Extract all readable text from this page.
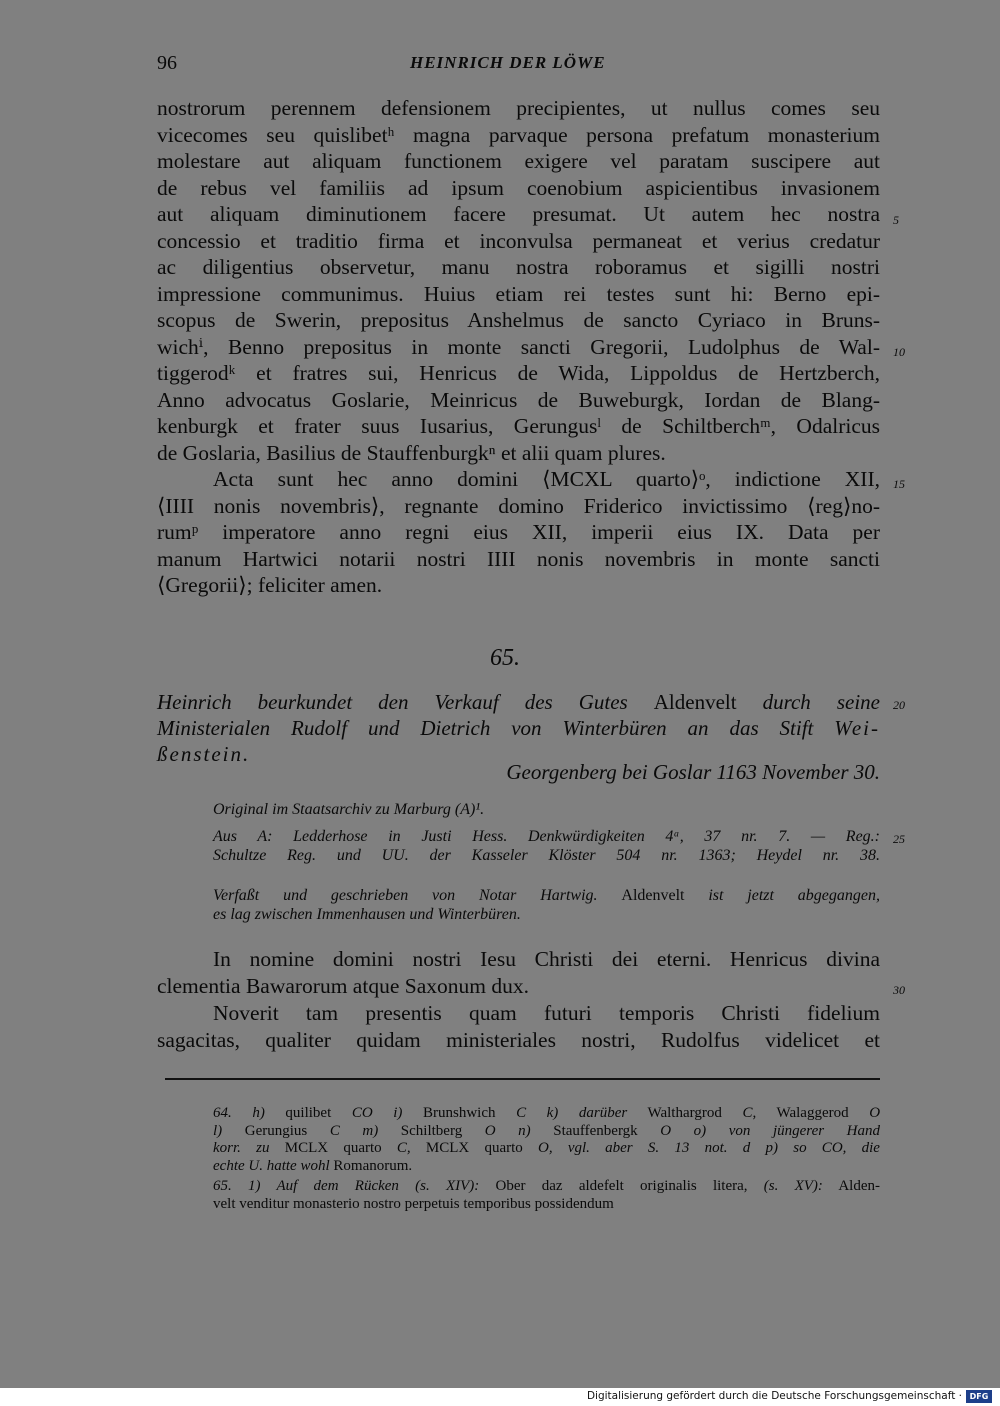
96	HEINRICH DER LÖWE
nostrorum perennem defensionem precipientes, ut nullus comes seu
vicecomes seu quislibetʰ magna parvaque persona prefatum monasterium
molestare aut aliquam functionem exigere vel paratam suscipere aut
de rebus vel familiis ad ipsum coenobium aspicientibus invasionem
aut aliquam diminutionem facere presumat. Ut autem hec nostra
concessio et traditio firma et inconvulsa permaneat et verius credatur
ac diligentius observetur, manu nostra roboramus et sigilli nostri
impressione communimus. Huius etiam rei testes sunt hi: Berno epi-
scopus de Swerin, prepositus Anshelmus de sancto Cyriaco in Bruns-
wichⁱ, Benno prepositus in monte sancti Gregorii, Ludolphus de Wal-
tiggerodᵏ et fratres sui, Henricus de Wida, Lippoldus de Hertzberch,
Anno advocatus Goslarie, Meinricus de Buweburgk, Iordan de Blang-
kenburgk et frater suus Iusarius, Gerungusˡ de Schiltberchᵐ, Odalricus
de Goslaria, Basilius de Stauffenburgkⁿ et alii quam plures.
Acta sunt hec anno domini ⟨MCXL quarto⟩ᵒ, indictione XII,
⟨IIII nonis novembris⟩, regnante domino Friderico invictissimo ⟨reg⟩no-
rumᵖ imperatore anno regni eius XII, imperii eius IX. Data per
manum Hartwici notarii nostri IIII nonis novembris in monte sancti
⟨Gregorii⟩; feliciter amen.
5
10
15
20
25
30
65.
Heinrich beurkundet den Verkauf des Gutes Aldenvelt durch seine
Ministerialen Rudolf und Dietrich von Winterbüren an das Stift Wei-
ßenstein.
Georgenberg bei Goslar 1163 November 30.
Original im Staatsarchiv zu Marburg (A)¹.
Aus A: Ledderhose in Justi Hess. Denkwürdigkeiten 4ᵃ, 37 nr. 7. — Reg.:
Schultze Reg. und UU. der Kasseler Klöster 504 nr. 1363; Heydel nr. 38.
Verfaßt und geschrieben von Notar Hartwig. Aldenvelt ist jetzt abgegangen,
es lag zwischen Immenhausen und Winterbüren.
In nomine domini nostri Iesu Christi dei eterni. Henricus divina
clementia Bawarorum atque Saxonum dux.
Noverit tam presentis quam futuri temporis Christi fidelium
sagacitas, qualiter quidam ministeriales nostri, Rudolfus videlicet et
64. h) quilibet CO i) Brunshwich C k) darüber Walthargrod C, Walaggerod O
l) Gerungius C m) Schiltberg O n) Stauffenbergk O o) von jüngerer Hand
korr. zu MCLX quarto C, MCLX quarto O, vgl. aber S. 13 not. d p) so CO, die
echte U. hatte wohl Romanorum.
65. 1) Auf dem Rücken (s. XIV): Ober daz aldefelt originalis litera, (s. XV): Alden-
velt venditur monasterio nostro perpetuis temporibus possidendum
Digitalisierung gefördert durch die Deutsche Forschungsgemeinschaft · DFG
